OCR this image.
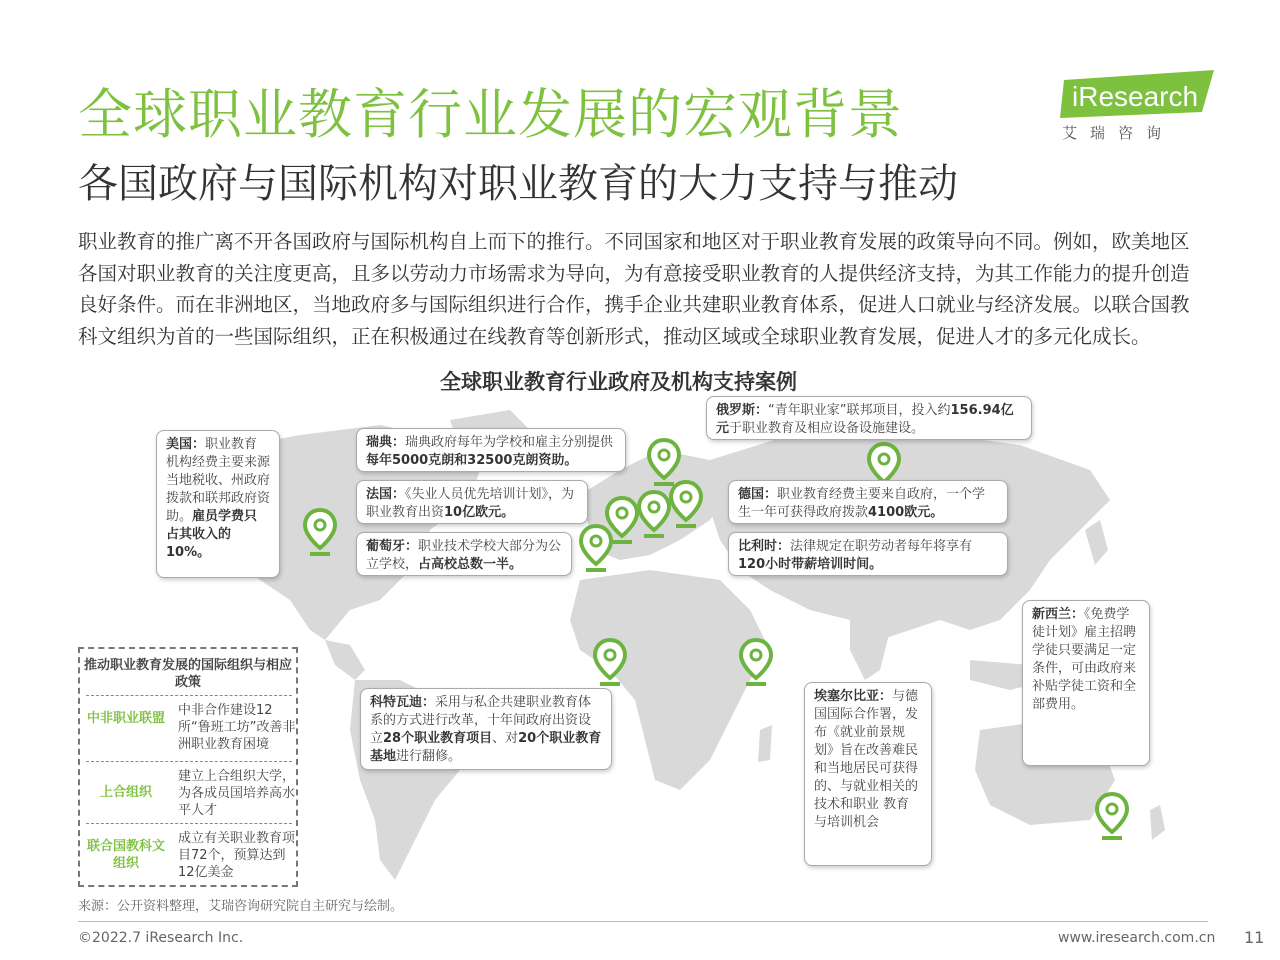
全球职业教育行业发展的宏观背景
各国政府与国际机构对职业教育的大力支持与推动
iResearch
艾瑞咨询
职业教育的推广离不开各国政府与国际机构自上而下的推行。不同国家和地区对于职业教育发展的政策导向不同。例如，欧美地区各国对职业教育的关注度更高，且多以劳动力市场需求为导向，为有意接受职业教育的人提供经济支持，为其工作能力的提升创造良好条件。而在非洲地区，当地政府多与国际组织进行合作，携手企业共建职业教育体系，促进人口就业与经济发展。以联合国教科文组织为首的一些国际组织，正在积极通过在线教育等创新形式，推动区域或全球职业教育发展，促进人才的多元化成长。
全球职业教育行业政府及机构支持案例
美国：职业教育机构经费主要来源当地税收、州政府拨款和联邦政府资助。雇员学费只占其收入的10%。
瑞典：瑞典政府每年为学校和雇主分别提供每年5000克朗和32500克朗资助。
法国：《失业人员优先培训计划》，为职业教育出资10亿欧元。
葡萄牙：职业技术学校大部分为公立学校，占高校总数一半。
俄罗斯：“青年职业家”联邦项目，投入约156.94亿元于职业教育及相应设备设施建设。
德国：职业教育经费主要来自政府，一个学生一年可获得政府拨款4100欧元。
比利时：法律规定在职劳动者每年将享有120小时带薪培训时间。
科特瓦迪：采用与私企共建职业教育体系的方式进行改革，十年间政府出资设立28个职业教育项目、对20个职业教育基地进行翻修。
埃塞尔比亚：与德国国际合作署，发布《就业前景规划》旨在改善难民和当地居民可获得的、与就业相关的技术和职业 教育与培训机会
新西兰：《免费学徒计划》雇主招聘学徒只要满足一定条件，可由政府来补贴学徒工资和全部费用。
推动职业教育发展的国际组织与相应政策
中非职业联盟
中非合作建设12所“鲁班工坊”改善非洲职业教育困境
上合组织
建立上合组织大学，为各成员国培养高水平人才
联合国教科文组织
成立有关职业教育项目72个，预算达到12亿美金
来源：公开资料整理，艾瑞咨询研究院自主研究与绘制。
©2022.7 iResearch Inc.	www.iresearch.com.cn 11
